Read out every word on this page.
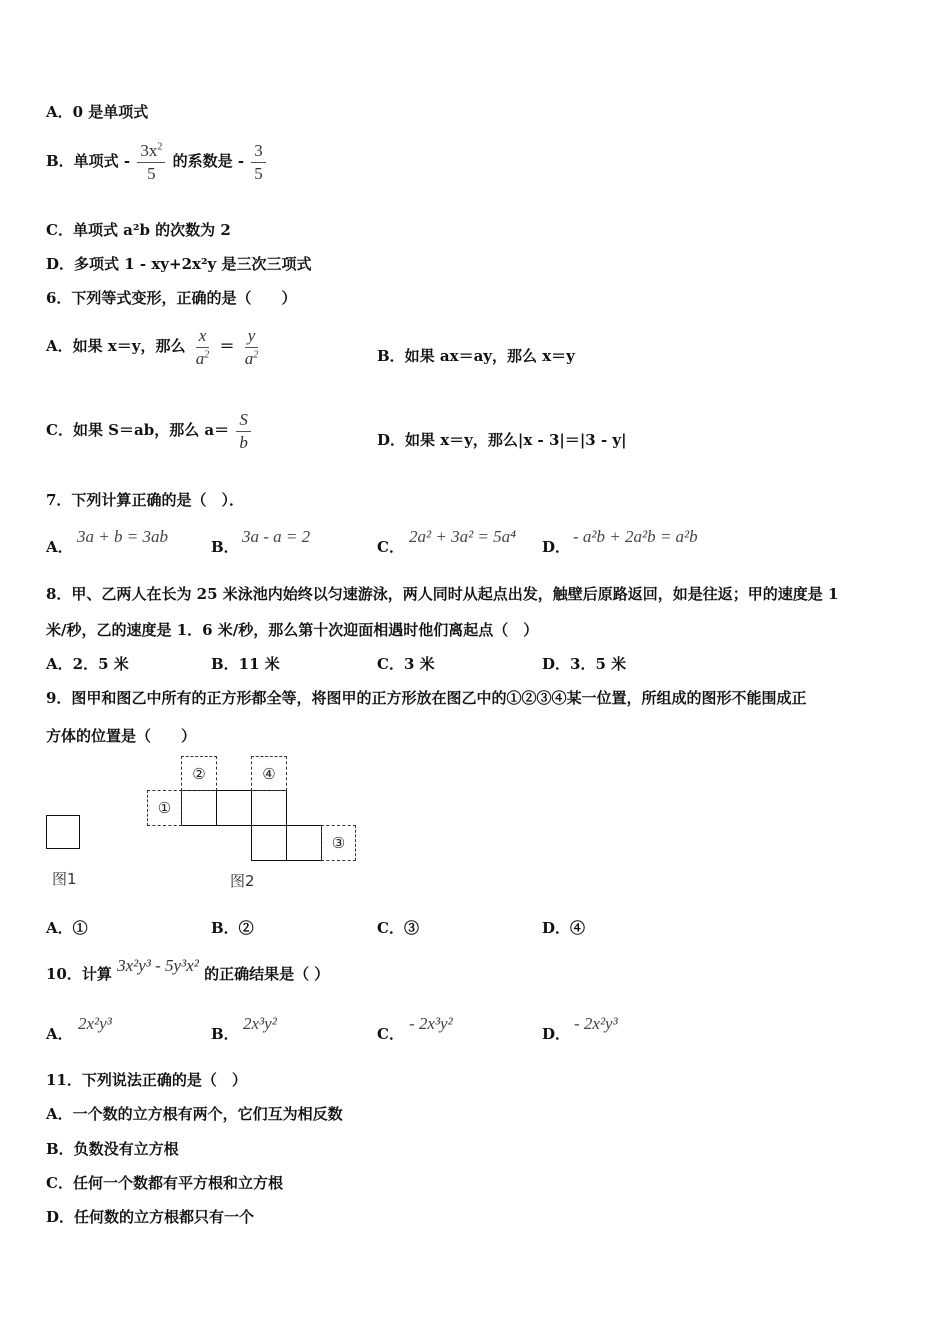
A．0 是单项式
B．单项式 - $\frac{3x^2}{5}$ 的系数是 - $\frac{3}{5}$
C．单项式 a²b 的次数为 2
D．多项式 1 - xy+2x²y 是三次三项式
6．下列等式变形，正确的是（　　）
A．如果 x＝y，那么 $\frac{x}{a^2} = \frac{y}{a^2}$	B．如果 ax＝ay，那么 x＝y
C．如果 S＝ab，那么 $a= \frac{S}{b}$	D．如果 x＝y，那么|x - 3|＝|3 - y|
7．下列计算正确的是（　）．
A．
3a + b = 3ab
B．
3a - a = 2
C．
2a² + 3a² = 5a⁴
D．
- a²b + 2a²b = a²b
8．甲、乙两人在长为 25 米泳池内始终以匀速游泳，两人同时从起点出发，触壁后原路返回，如是往返；甲的速度是 1
米/秒，乙的速度是 1．6 米/秒，那么第十次迎面相遇时他们离起点（　）
A．2．5 米	B．11 米	C．3 米	D．3．5 米
9．图甲和图乙中所有的正方形都全等，将图甲的正方形放在图乙中的①②③④某一位置，所组成的图形不能围成正
方体的位置是（　　）
图1
①
②	④
③
图2
A．①	B．②	C．③	D．④
10．计算 3x²y³ - 5y³x² 的正确结果是（ ）
A．
2x²y³
B．
2x³y²
C．
- 2x³y²
D．
- 2x²y³
11．下列说法正确的是（　）
A．一个数的立方根有两个，它们互为相反数
B．负数没有立方根
C．任何一个数都有平方根和立方根
D．任何数的立方根都只有一个
